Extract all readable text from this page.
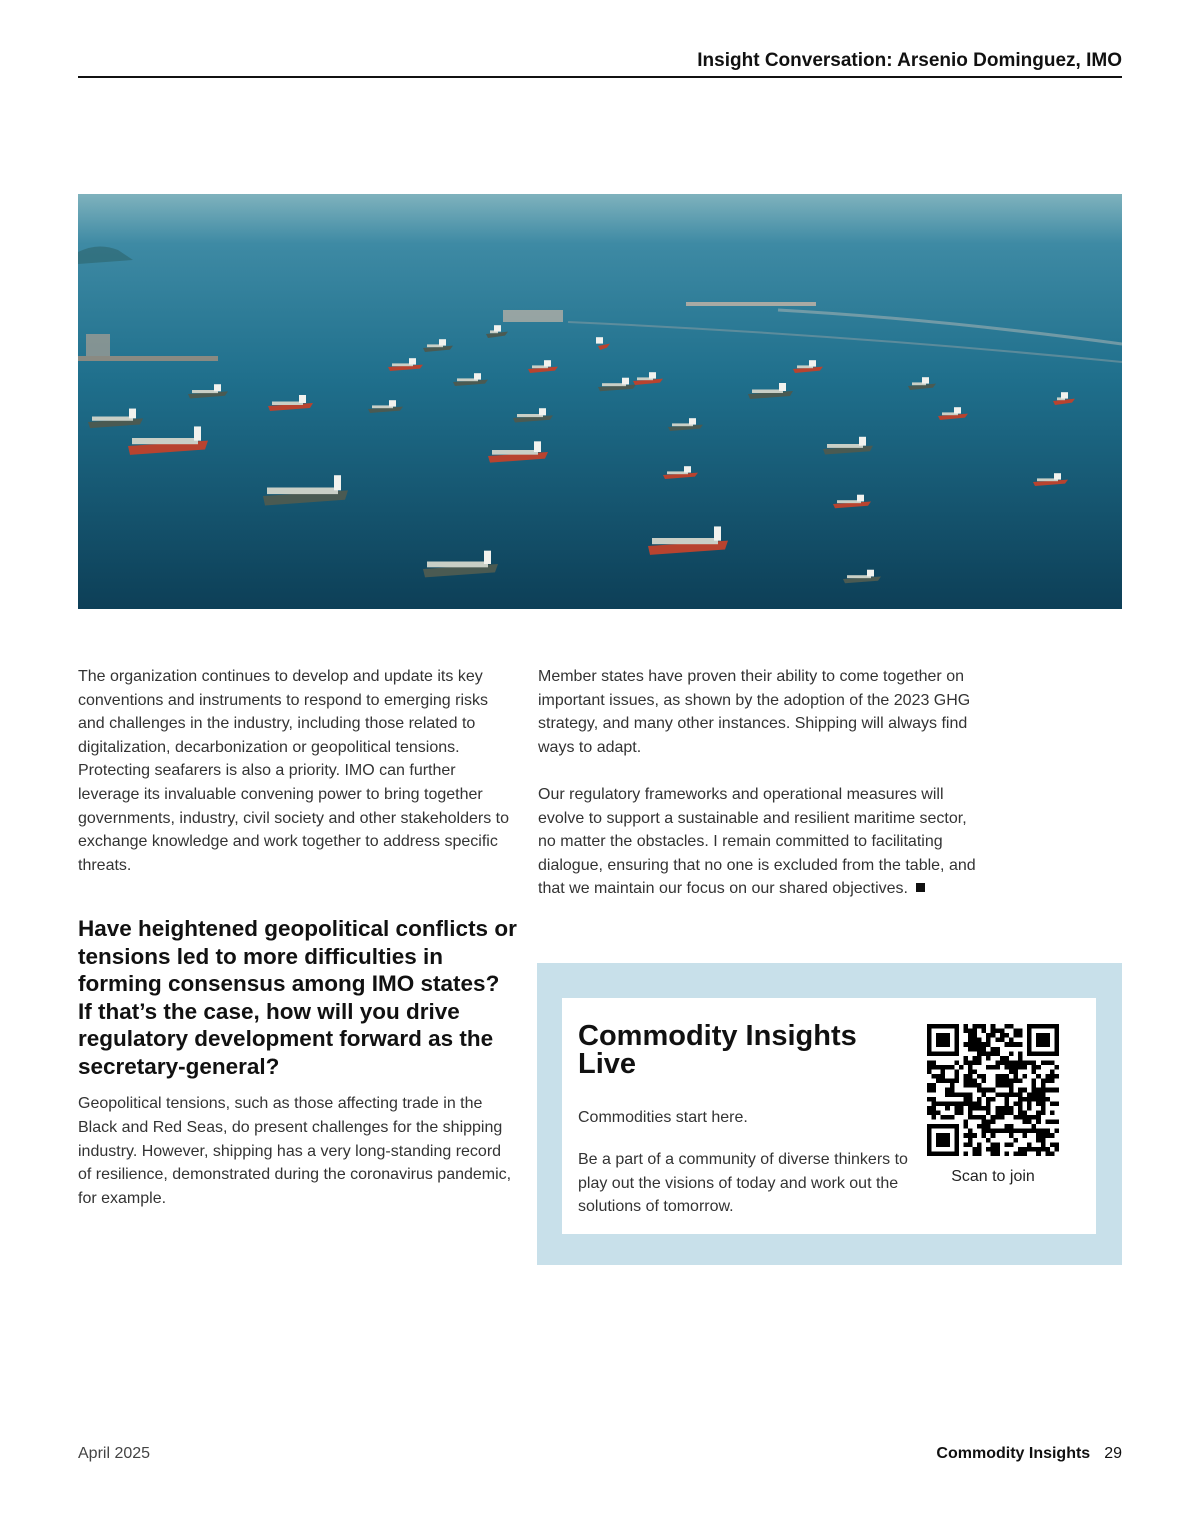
Insight Conversation: Arsenio Dominguez, IMO

The organization continues to develop and update its key conventions and instruments to respond to emerging risks and challenges in the industry, including those related to digitalization, decarbonization or geopolitical tensions. Protecting seafarers is also a priority. IMO can further leverage its invaluable convening power to bring together governments, industry, civil society and other stakeholders to exchange knowledge and work together to address specific threats.

Have heightened geopolitical conflicts or tensions led to more difficulties in forming consensus among IMO states? If that’s the case, how will you drive regulatory development forward as the secretary-general?

Geopolitical tensions, such as those affecting trade in the Black and Red Seas, do present challenges for the shipping industry. However, shipping has a very long-standing record of resilience, demonstrated during the coronavirus pandemic, for example.

Member states have proven their ability to come together on important issues, as shown by the adoption of the 2023 GHG strategy, and many other instances. Shipping will always find ways to adapt.

Our regulatory frameworks and operational measures will evolve to support a sustainable and resilient maritime sector, no matter the obstacles. I remain committed to facilitating dialogue, ensuring that no one is excluded from the table, and that we maintain our focus on our shared objectives.

Commodity Insights Live
Commodities start here.
Be a part of a community of diverse thinkers to play out the visions of today and work out the solutions of tomorrow.
Scan to join
April 2025	Commodity Insights 29
